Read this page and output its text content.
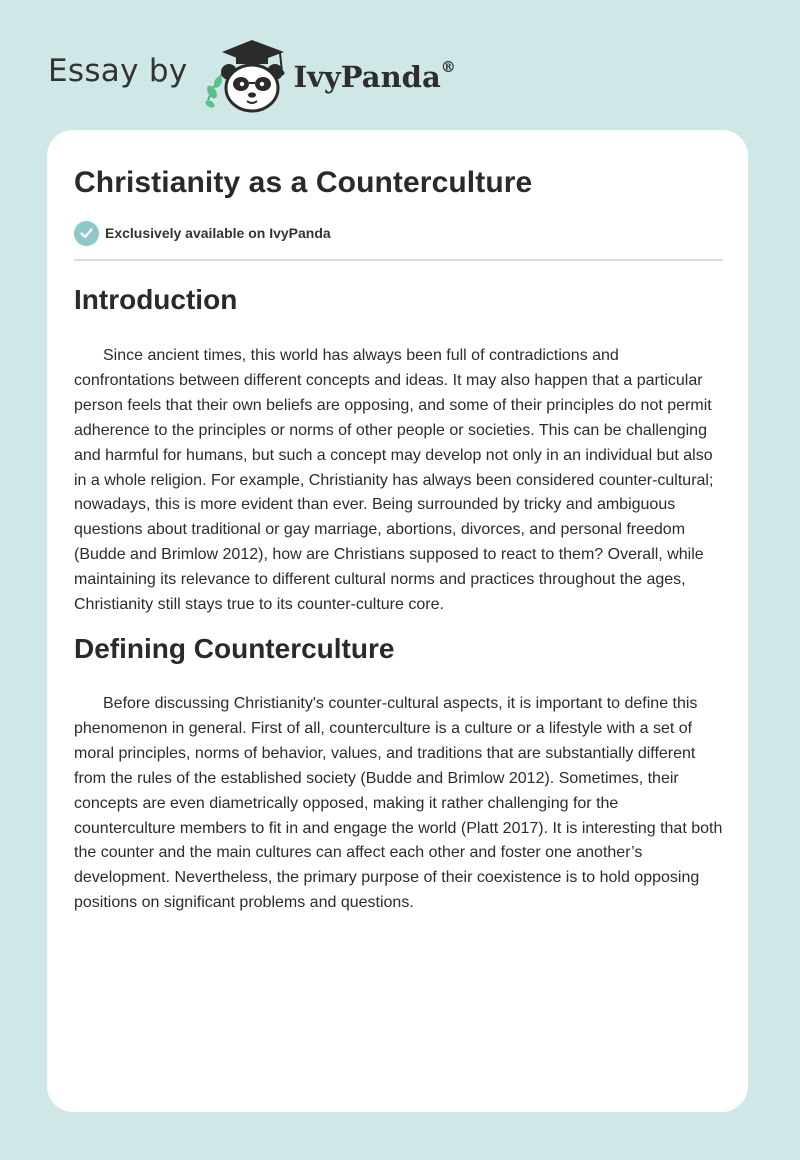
Essay by	IvyPanda®
Christianity as a Counterculture
Exclusively available on IvyPanda
Introduction

Since ancient times, this world has always been full of contradictions and confrontations between different concepts and ideas. It may also happen that a particular person feels that their own beliefs are opposing, and some of their principles do not permit adherence to the principles or norms of other people or societies. This can be challenging and harmful for humans, but such a concept may develop not only in an individual but also in a whole religion. For example, Christianity has always been considered counter-cultural; nowadays, this is more evident than ever. Being surrounded by tricky and ambiguous questions about traditional or gay marriage, abortions, divorces, and personal freedom (Budde and Brimlow 2012), how are Christians supposed to react to them? Overall, while maintaining its relevance to different cultural norms and practices throughout the ages, Christianity still stays true to its counter-culture core.

Defining Counterculture

Before discussing Christianity's counter-cultural aspects, it is important to define this phenomenon in general. First of all, counterculture is a culture or a lifestyle with a set of moral principles, norms of behavior, values, and traditions that are substantially different from the rules of the established society (Budde and Brimlow 2012). Sometimes, their concepts are even diametrically opposed, making it rather challenging for the counterculture members to fit in and engage the world (Platt 2017). It is interesting that both the counter and the main cultures can affect each other and foster one another’s development. Nevertheless, the primary purpose of their coexistence is to hold opposing positions on significant problems and questions.
